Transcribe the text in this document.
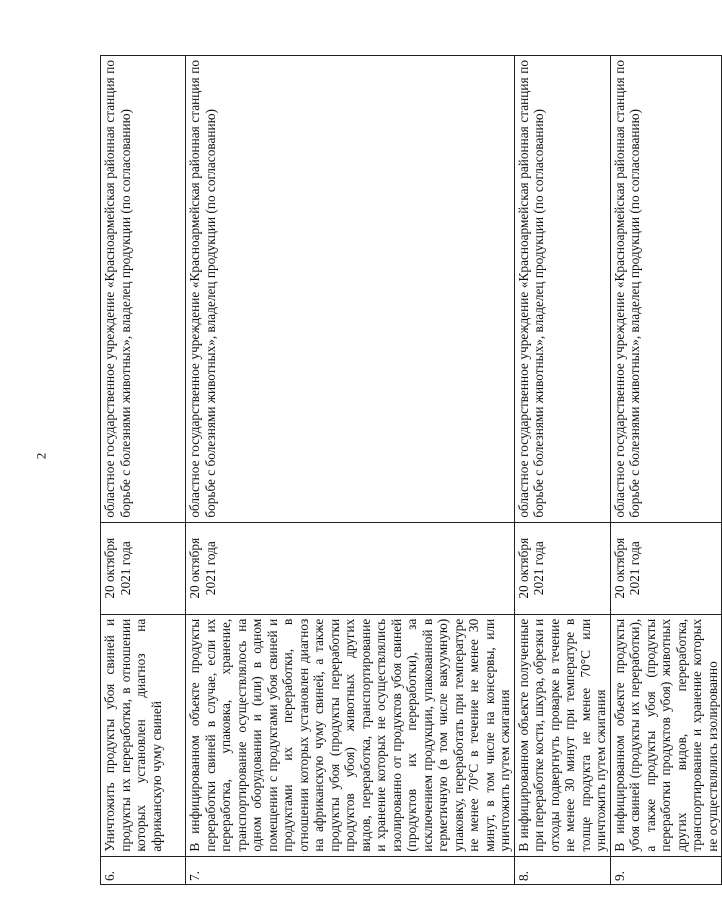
2
6.	Уничтожить продукты убоя свиней и продукты их переработки, в отношении которых установлен диагноз на африканскую чуму свиней	20 октября 2021 года	областное государственное учреждение «Красноармейская районная станция по борьбе с болезнями животных», владелец продукции (по согласованию)
7.	В инфицированном объекте продукты переработки свиней в случае, если их переработка, упаковка, хранение, транспортирование осуществлялось на одном оборудовании и (или) в одном помещении с продуктами убоя свиней и продуктами их переработки, в отношении которых установлен диагноз на африканскую чуму свиней, а также продукты убоя (продукты переработки продуктов убоя) животных других видов, переработка, транспортирование и хранение которых не осуществлялись изолированно от продуктов убоя свиней (продуктов их переработки), за исключением продукции, упакованной в герметичную (в том числе вакуумную) упаковку, переработать при температуре не менее 70°C в течение не менее 30 минут, в том числе на консервы, или уничтожить путем сжигания	20 октября 2021 года	областное государственное учреждение «Красноармейская районная станция по борьбе с болезнями животных», владелец продукции (по согласованию)
8.	В инфицированном объекте полученные при переработке кости, шкура, обрезки и отходы подвергнуть проварке в течение не менее 30 минут при температуре в толще продукта не менее 70°C или уничтожить путем сжигания	20 октября 2021 года	областное государственное учреждение «Красноармейская районная станция по борьбе с болезнями животных», владелец продукции (по согласованию)
9.	В инфицированном объекте продукты убоя свиней (продукты их переработки), а также продукты убоя (продукты переработки продуктов убоя) животных других видов, переработка, транспортирование и хранение которых не осуществлялись изолированно	20 октября 2021 года	областное государственное учреждение «Красноармейская районная станция по борьбе с болезнями животных», владелец продукции (по согласованию)
